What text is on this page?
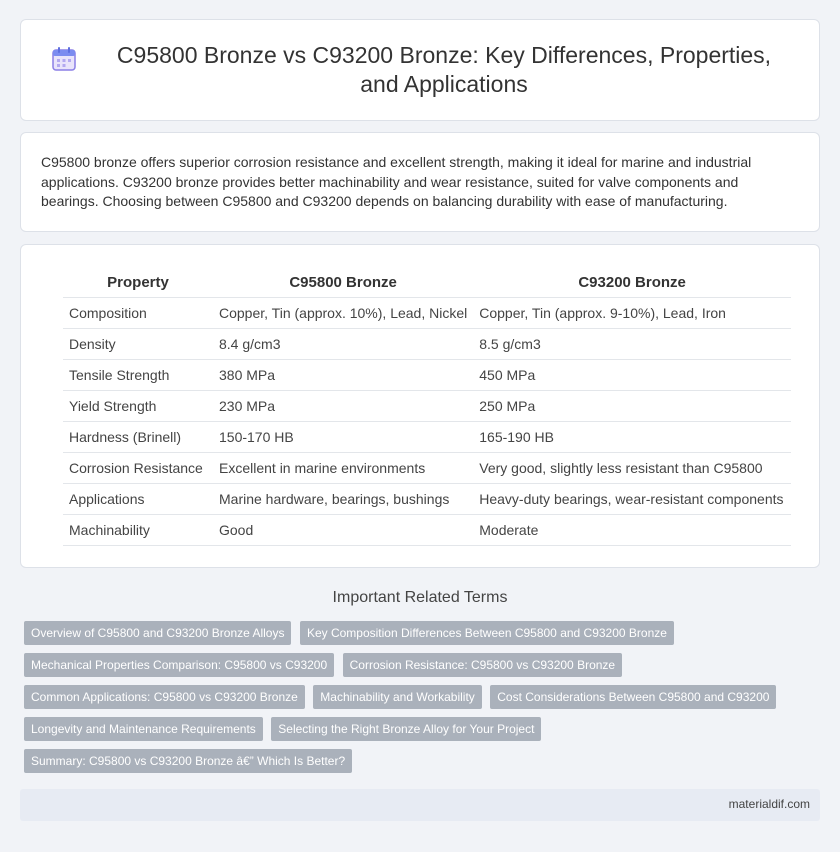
C95800 Bronze vs C93200 Bronze: Key Differences, Properties, and Applications

C95800 bronze offers superior corrosion resistance and excellent strength, making it ideal for marine and industrial applications. C93200 bronze provides better machinability and wear resistance, suited for valve components and bearings. Choosing between C95800 and C93200 depends on balancing durability with ease of manufacturing.

Property	C95800 Bronze	C93200 Bronze
Composition	Copper, Tin (approx. 10%), Lead, Nickel	Copper, Tin (approx. 9-10%), Lead, Iron
Density	8.4 g/cm3	8.5 g/cm3
Tensile Strength	380 MPa	450 MPa
Yield Strength	230 MPa	250 MPa
Hardness (Brinell)	150-170 HB	165-190 HB
Corrosion Resistance	Excellent in marine environments	Very good, slightly less resistant than C95800
Applications	Marine hardware, bearings, bushings	Heavy-duty bearings, wear-resistant components
Machinability	Good	Moderate
Important Related Terms
Overview of C95800 and C93200 Bronze Alloys Key Composition Differences Between C95800 and C93200 Bronze Mechanical Properties Comparison: C95800 vs C93200 Corrosion Resistance: C95800 vs C93200 Bronze Common Applications: C95800 vs C93200 Bronze Machinability and Workability Cost Considerations Between C95800 and C93200 Longevity and Maintenance Requirements Selecting the Right Bronze Alloy for Your Project Summary: C95800 vs C93200 Bronze â€” Which Is Better?
materialdif.com
